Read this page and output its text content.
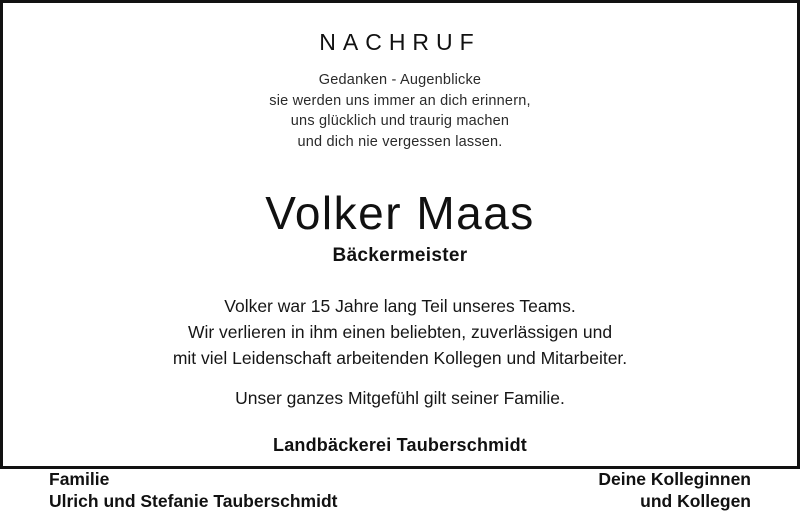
NACHRUF
Gedanken - Augenblicke
sie werden uns immer an dich erinnern,
uns glücklich und traurig machen
und dich nie vergessen lassen.
Volker Maas
Bäckermeister
Volker war 15 Jahre lang Teil unseres Teams.
Wir verlieren in ihm einen beliebten, zuverlässigen und
mit viel Leidenschaft arbeitenden Kollegen und Mitarbeiter.
Unser ganzes Mitgefühl gilt seiner Familie.
Landbäckerei Tauberschmidt
Familie
Ulrich und Stefanie Tauberschmidt
Deine Kolleginnen
und Kollegen
